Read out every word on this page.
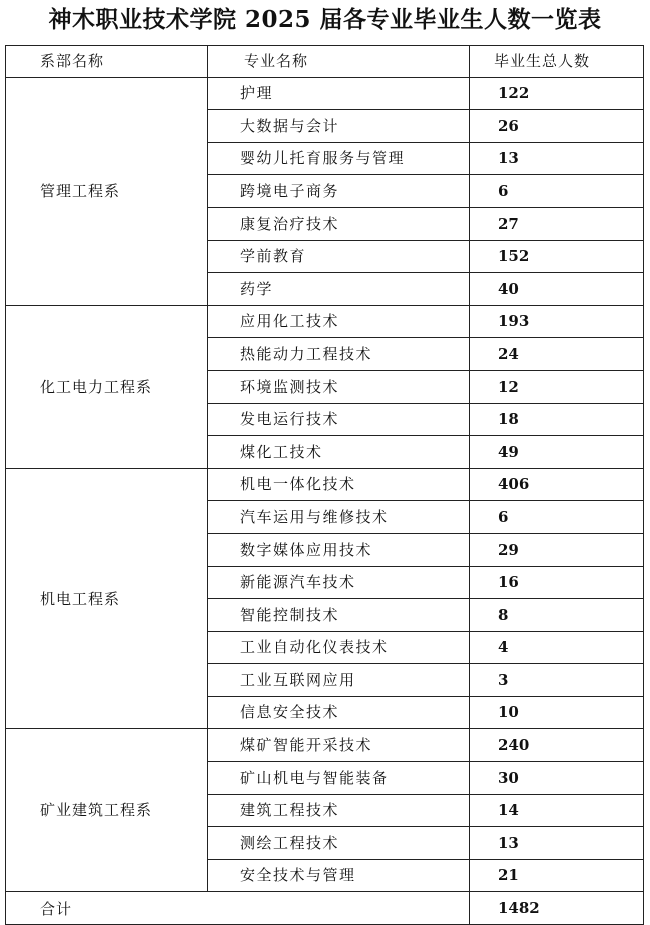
神木职业技术学院 2025 届各专业毕业生人数一览表
系部名称	专业名称	毕业生总人数
管理工程系	护理	122
	大数据与会计	26
	婴幼儿托育服务与管理	13
	跨境电子商务	6
	康复治疗技术	27
	学前教育	152
	药学	40
化工电力工程系	应用化工技术	193
	热能动力工程技术	24
	环境监测技术	12
	发电运行技术	18
	煤化工技术	49
机电工程系	机电一体化技术	406
	汽车运用与维修技术	6
	数字媒体应用技术	29
	新能源汽车技术	16
	智能控制技术	8
	工业自动化仪表技术	4
	工业互联网应用	3
	信息安全技术	10
矿业建筑工程系	煤矿智能开采技术	240
	矿山机电与智能装备	30
	建筑工程技术	14
	测绘工程技术	13
	安全技术与管理	21
合计		1482
